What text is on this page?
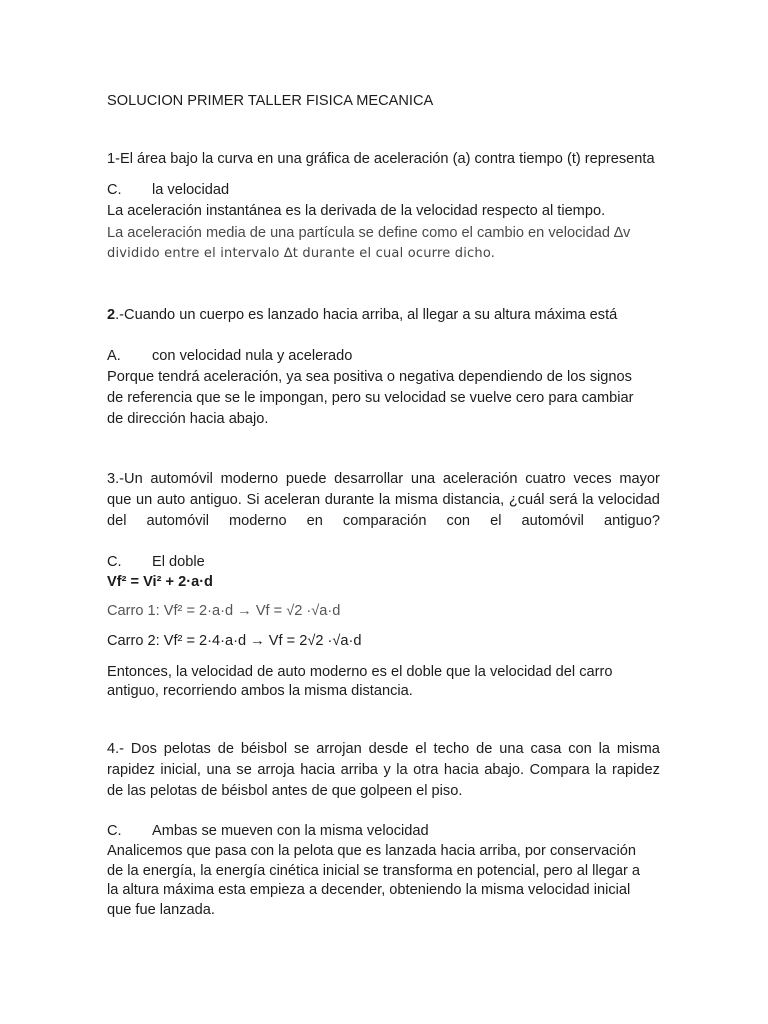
SOLUCION PRIMER TALLER FISICA MECANICA
1-El área bajo la curva en una gráfica de aceleración (a) contra tiempo (t) representa
C. la velocidad
La aceleración instantánea es la derivada de la velocidad respecto al tiempo.
La aceleración media de una partícula se define como el cambio en velocidad ∆v
dividido entre el intervalo ∆t durante el cual ocurre dicho.
2.-Cuando un cuerpo es lanzado hacia arriba, al llegar a su altura máxima está
A. con velocidad nula y acelerado
Porque tendrá aceleración, ya sea positiva o negativa dependiendo de los signos
de referencia que se le impongan, pero su velocidad se vuelve cero para cambiar
de dirección hacia abajo.
3.-Un automóvil moderno puede desarrollar una aceleración cuatro veces mayor
que un auto antiguo. Si aceleran durante la misma distancia, ¿cuál será la velocidad
del automóvil moderno en comparación con el automóvil antiguo?
C. El doble
Vf² = Vi² + 2·a·d
Carro 1: Vf² = 2·a·d → Vf = √2 ·√a·d
Carro 2: Vf² = 2·4·a·d → Vf = 2√2 ·√a·d
Entonces, la velocidad de auto moderno es el doble que la velocidad del carro
antiguo, recorriendo ambos la misma distancia.
4.- Dos pelotas de béisbol se arrojan desde el techo de una casa con la misma
rapidez inicial, una se arroja hacia arriba y la otra hacia abajo. Compara la rapidez
de las pelotas de béisbol antes de que golpeen el piso.
C. Ambas se mueven con la misma velocidad
Analicemos que pasa con la pelota que es lanzada hacia arriba, por conservación
de la energía, la energía cinética inicial se transforma en potencial, pero al llegar a
la altura máxima esta empieza a decender, obteniendo la misma velocidad inicial
que fue lanzada.
